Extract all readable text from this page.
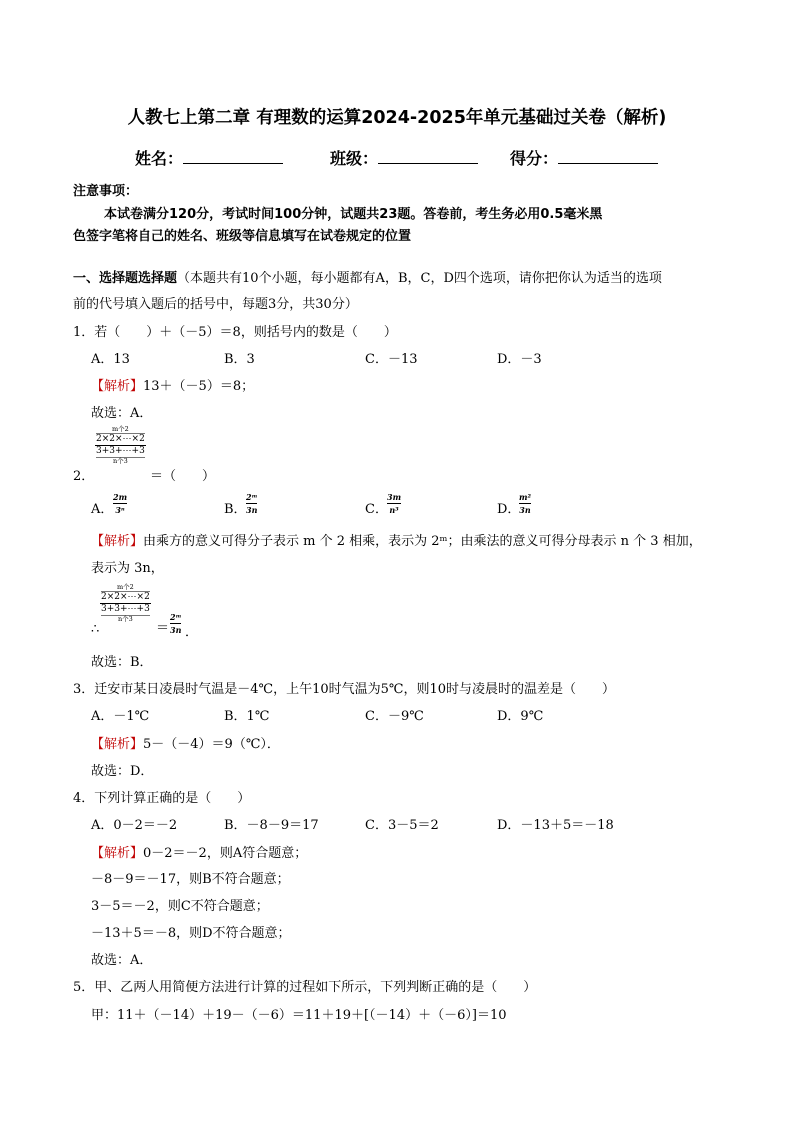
人教七上第二章 有理数的运算2024-2025年单元基础过关卷（解析)
姓名：	班级：	得分：
注意事项：
本试卷满分120分，考试时间100分钟，试题共23题。答卷前，考生务必用0.5毫米黑
色签字笔将自己的姓名、班级等信息填写在试卷规定的位置
一、选择题选择题（本题共有10个小题，每小题都有A，B，C，D四个选项，请你把你认为适当的选项
前的代号填入题后的括号中，每题3分，共30分）
1．若（　　）＋（－5）＝8，则括号内的数是（　　）
A．13	B．3	C．－13	D．－3
【解析】13＋（－5）＝8；
故选：A．
2．
m个2
2×2×⋯×2
3+3+⋯+3
n个3
＝（　　）
A．
2m
3ⁿ	B．
2ᵐ
3n	C．
3m
n³	D．
m²
3n
【解析】由乘方的意义可得分子表示 m 个 2 相乘，表示为 2ᵐ；由乘法的意义可得分母表示 n 个 3 相加，
表示为 3n，
∴
m个2
2×2×⋯×2
3+3+⋯+3
n个3
＝
2ᵐ
3n ．
故选：B．
3．迁安市某日凌晨时气温是－4℃，上午10时气温为5℃，则10时与凌晨时的温差是（　　）
A．－1℃	B．1℃	C．－9℃	D．9℃
【解析】5－（－4）＝9（℃）．
故选：D．
4．下列计算正确的是（　　）
A．0－2＝－2	B．－8－9＝17	C．3－5＝2	D．－13＋5＝－18
【解析】0－2＝－2，则A符合题意；
－8－9＝－17，则B不符合题意；
3－5＝－2，则C不符合题意；
－13＋5＝－8，则D不符合题意；
故选：A．
5．甲、乙两人用简便方法进行计算的过程如下所示，下列判断正确的是（　　）
甲：11＋（－14）＋19－（－6）＝11＋19＋[（－14）＋（－6）]＝10
